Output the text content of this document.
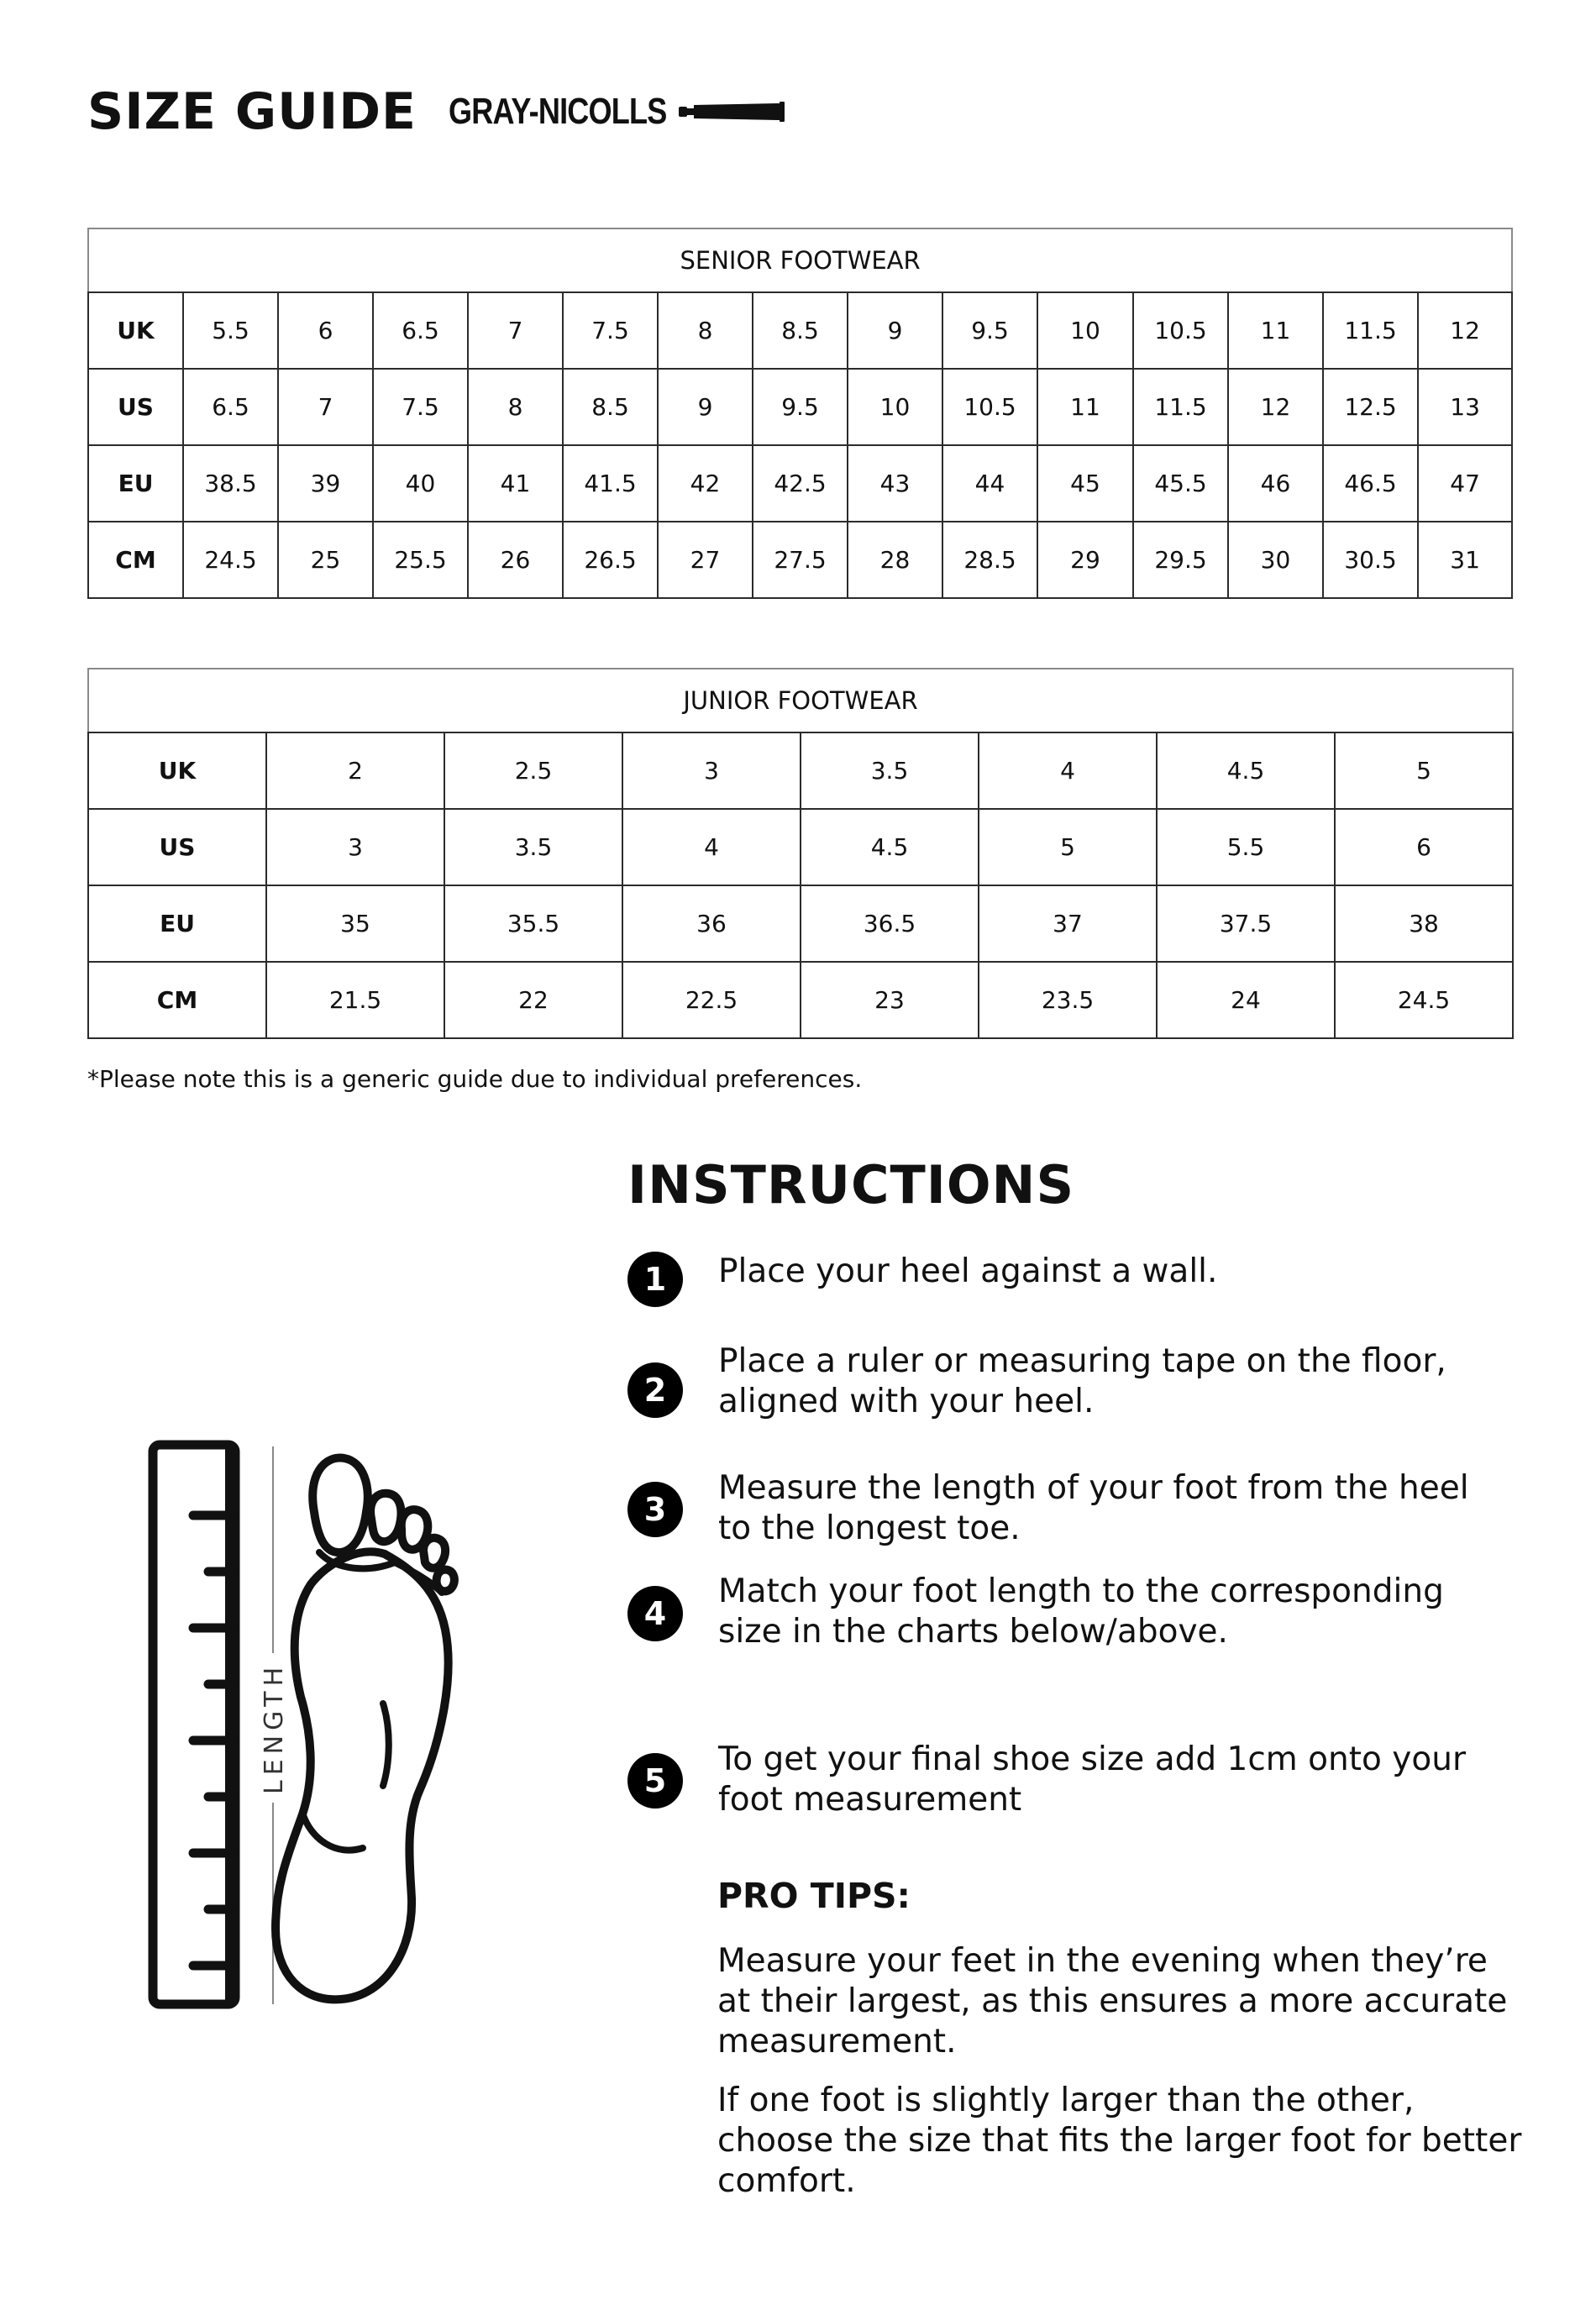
SIZE GUIDE GRAY-NICOLLS
SENIOR FOOTWEAR														
UK	5.5	6	6.5	7	7.5	8	8.5	9	9.5	10	10.5	11	11.5	12
US	6.5	7	7.5	8	8.5	9	9.5	10	10.5	11	11.5	12	12.5	13
EU	38.5	39	40	41	41.5	42	42.5	43	44	45	45.5	46	46.5	47
CM	24.5	25	25.5	26	26.5	27	27.5	28	28.5	29	29.5	30	30.5	31
JUNIOR FOOTWEAR							
UK	2	2.5	3	3.5	4	4.5	5
US	3	3.5	4	4.5	5	5.5	6
EU	35	35.5	36	36.5	37	37.5	38
CM	21.5	22	22.5	23	23.5	24	24.5
*Please note this is a generic guide due to individual preferences.
LENGTH
INSTRUCTIONS
1	Place your heel against a wall.
2
Place a ruler or measuring tape on the floor, aligned with your heel.
3
Measure the length of your foot from the heel to the longest toe.
4
Match your foot length to the corresponding size in the charts below/above.
5
To get your final shoe size add 1cm onto your foot measurement
PRO TIPS:

Measure your feet in the evening when they’re at their largest, as this ensures a more accurate measurement.

If one foot is slightly larger than the other, choose the size that fits the larger foot for better comfort.
